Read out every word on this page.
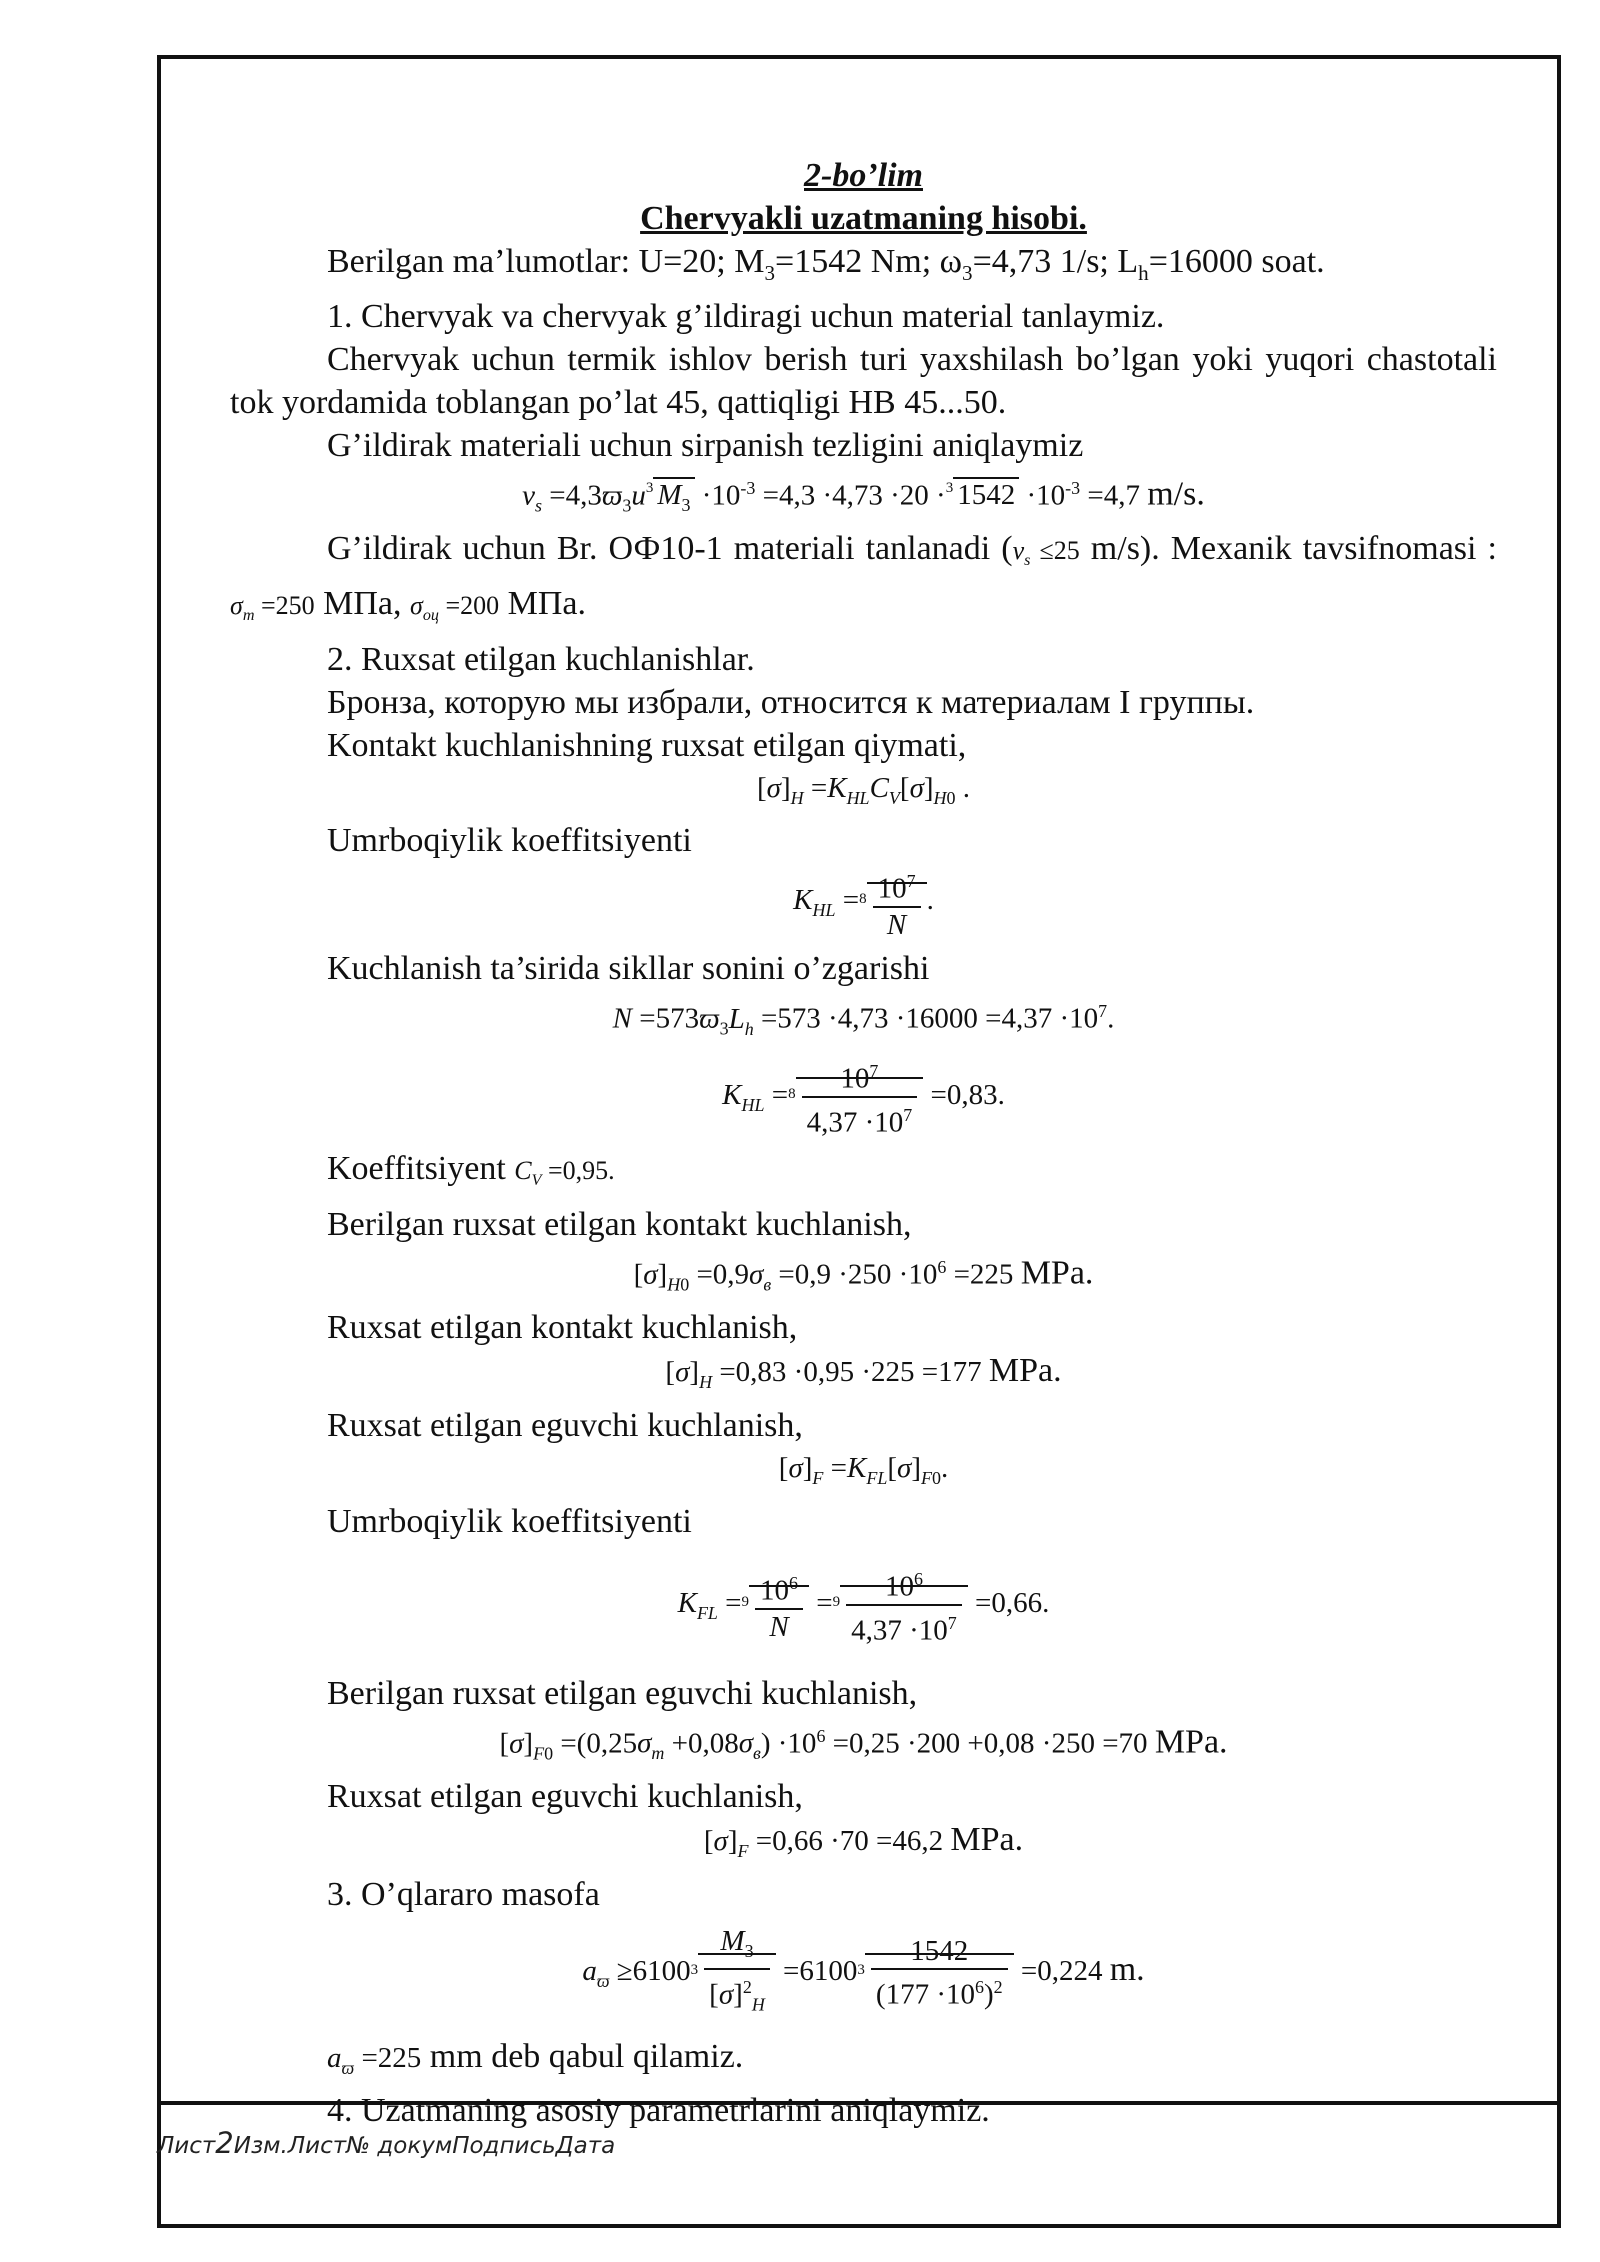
Лист2Изм.Лист№ докумПодписьДата
2-bo’lim
Chervyakli uzatmaning hisobi.
Berilgan ma’lumotlar: U=20; $M_3=1542$ Nm; $\omega_3=4,73$ 1/s; $L_h=16000$ soat.
1. Chervyak va chervyak g’ildiragi uchun material tanlaymiz.
Chervyak uchun termik ishlov berish turi yaxshilash bo’lgan yoki yuqori chastotali tok yordamida toblangan po’lat 45, qattiqligi HB 45...50.
G’ildirak materiali uchun sirpanish tezligini aniqlaymiz
$v_s =4,3ϖ_3u^3$ $M_3 \cdot 10^{-3} =4,3 \cdot 4,73 \cdot 20 \cdot^3$ $1542 \cdot 10^{-3} =4,7$ m/s.
G’ildirak uchun Br. ОФ10-1 materiali tanlanadi ($v_s \le 25$ m/s). Mexanik tavsifnomasi : $\sigma_т =250$ МПа, $\sigma_{оц} =200$ МПа.
2. Ruxsat etilgan kuchlanishlar.
Бронза, которую мы избрали, относится к материалам I группы.
Kontakt kuchlanishning ruxsat etilgan qiymati,
$[\sigma]_H =K_{HL}C_V[\sigma]_{H0}$ .
Umrboqiylik koeffitsiyenti
$K_{HL} =^8 \frac{10^7}{N}$ .
Kuchlanish ta’sirida sikllar sonini o’zgarishi
$N =573ϖ_3L_h =573 \cdot 4,73 \cdot 16000 =4,37 \cdot 10^7$.
$K_{HL} =^8 \frac{10^7}{4,37 \cdot 10^7} =0,83$.
Koeffitsiyent $C_V =0,95$.
Berilgan ruxsat etilgan kontakt kuchlanish,
$[\sigma]_{H0} =0,9\sigma_в =0,9 \cdot 250 \cdot 10^6 =225$ MPa.
Ruxsat etilgan kontakt kuchlanish,
$[\sigma]_H =0,83 \cdot 0,95 \cdot 225 =177$ MPa.
Ruxsat etilgan eguvchi kuchlanish,
$[\sigma]_F =K_{FL}[\sigma]_{F0}$.
Umrboqiylik koeffitsiyenti
$K_{FL} =^9 \frac{10^6}{N} =^9 \frac{10^6}{4,37 \cdot 10^7} =0,66$.
Berilgan ruxsat etilgan eguvchi kuchlanish,
$[\sigma]_{F0} =(0,25\sigma_m +0,08\sigma_в) \cdot 10^6 =0,25 \cdot 200 +0,08 \cdot 250 =70$ MPa.
Ruxsat etilgan eguvchi kuchlanish,
$[\sigma]_F =0,66 \cdot 70 =46,2$ MPa.
3. O’qlararo masofa
$a_ϖ \ge 6100^3 \frac{M_3}{[\sigma]^2_H} =6100^3 \frac{1542}{(177 \cdot 10^6)^2} =0,224$ m.
$a_ϖ =225$ mm deb qabul qilamiz.
4. Uzatmaning asosiy parametrlarini aniqlaymiz.
